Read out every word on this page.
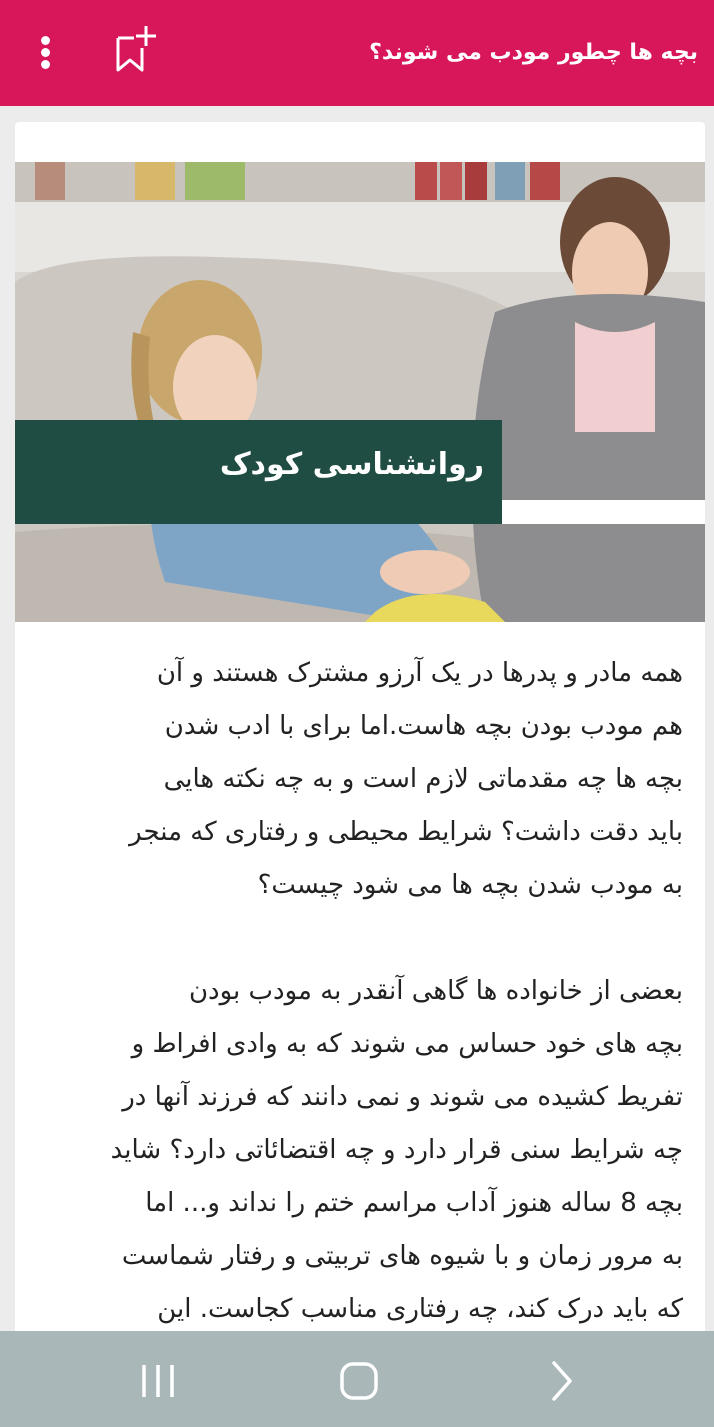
بچه ها چطور مودب می شوند؟
روانشناسی کودک

همه مادر و پدرها در یک آرزو مشترک هستند و آن
هم مودب بودن بچه هاست.اما برای با ادب شدن
بچه ها چه مقدماتی لازم است و به چه نکته هایی
باید دقت داشت؟ شرایط محیطی و رفتاری که منجر
به مودب شدن بچه ها می شود چیست؟

بعضی از خانواده ها گاهی آنقدر به مودب بودن
بچه های خود حساس می شوند که به وادی افراط و
تفریط کشیده می شوند و نمی دانند که فرزند آنها در
چه شرایط سنی قرار دارد و چه اقتضائاتی دارد؟ شاید
بچه 8 ساله هنوز آداب مراسم ختم را نداند و... اما
به مرور زمان و با شیوه های تربیتی و رفتار شماست
که باید درک کند، چه رفتاری مناسب کجاست. این
